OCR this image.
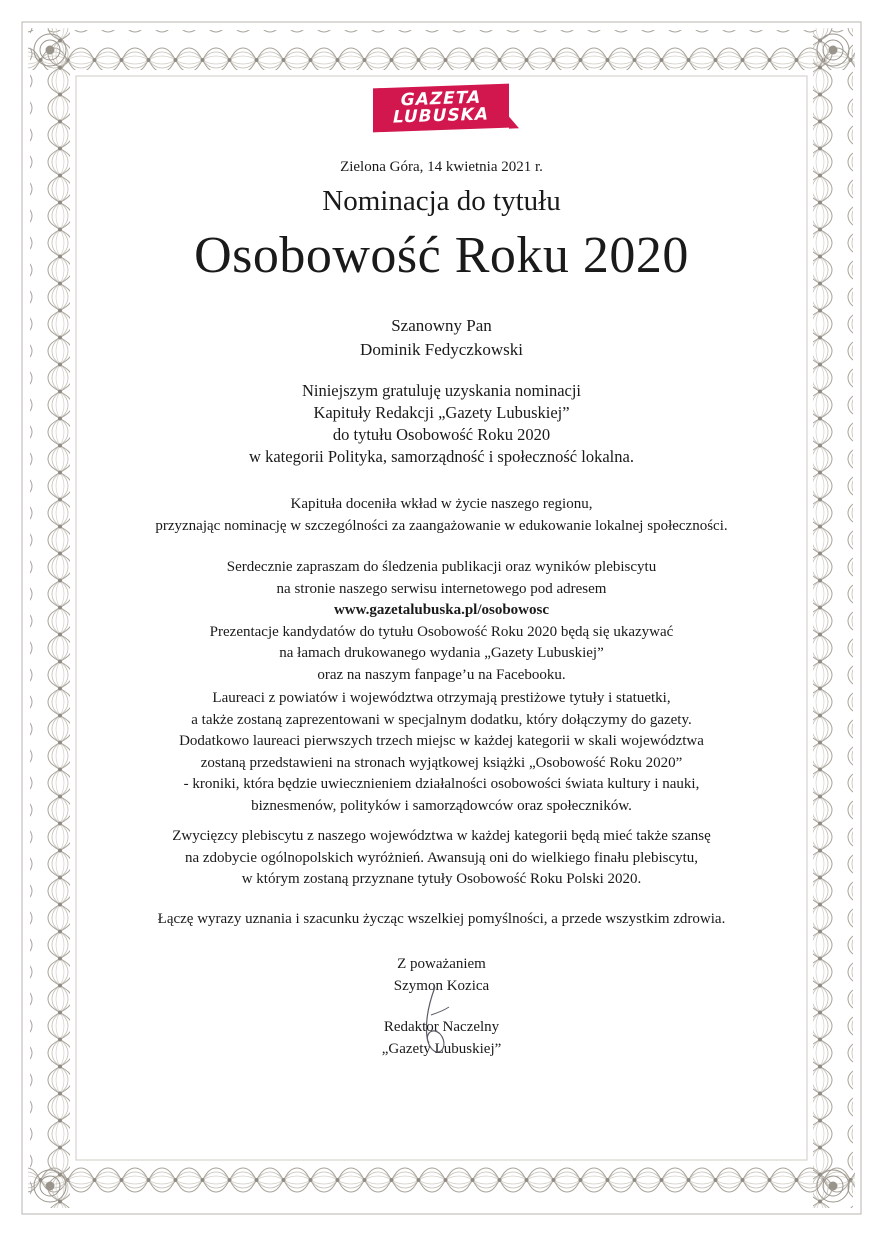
GAZETA
LUBUSKA
Zielona Góra, 14 kwietnia 2021 r.
Nominacja do tytułu
Osobowość Roku 2020
Szanowny Pan
Dominik Fedyczkowski
Niniejszym gratuluję uzyskania nominacji
Kapituły Redakcji „Gazety Lubuskiej”
do tytułu Osobowość Roku 2020
w kategorii Polityka, samorządność i społeczność lokalna.
Kapituła doceniła wkład w życie naszego regionu,
przyznając nominację w szczególności za zaangażowanie w edukowanie lokalnej społeczności.
Serdecznie zapraszam do śledzenia publikacji oraz wyników plebiscytu
na stronie naszego serwisu internetowego pod adresem
www.gazetalubuska.pl/osobowosc
Prezentacje kandydatów do tytułu Osobowość Roku 2020 będą się ukazywać
na łamach drukowanego wydania „Gazety Lubuskiej”
oraz na naszym fanpage’u na Facebooku.
Laureaci z powiatów i województwa otrzymają prestiżowe tytuły i statuetki,
a także zostaną zaprezentowani w specjalnym dodatku, który dołączymy do gazety.
Dodatkowo laureaci pierwszych trzech miejsc w każdej kategorii w skali województwa
zostaną przedstawieni na stronach wyjątkowej książki „Osobowość Roku 2020”
- kroniki, która będzie uwiecznieniem działalności osobowości świata kultury i nauki,
biznesmenów, polityków i samorządowców oraz społeczników.
Zwycięzcy plebiscytu z naszego województwa w każdej kategorii będą mieć także szansę
na zdobycie ogólnopolskich wyróżnień. Awansują oni do wielkiego finału plebiscytu,
w którym zostaną przyznane tytuły Osobowość Roku Polski 2020.
Łączę wyrazy uznania i szacunku życząc wszelkiej pomyślności, a przede wszystkim zdrowia.
Z poważaniem
Szymon Kozica
Redaktor Naczelny
„Gazety Lubuskiej”
